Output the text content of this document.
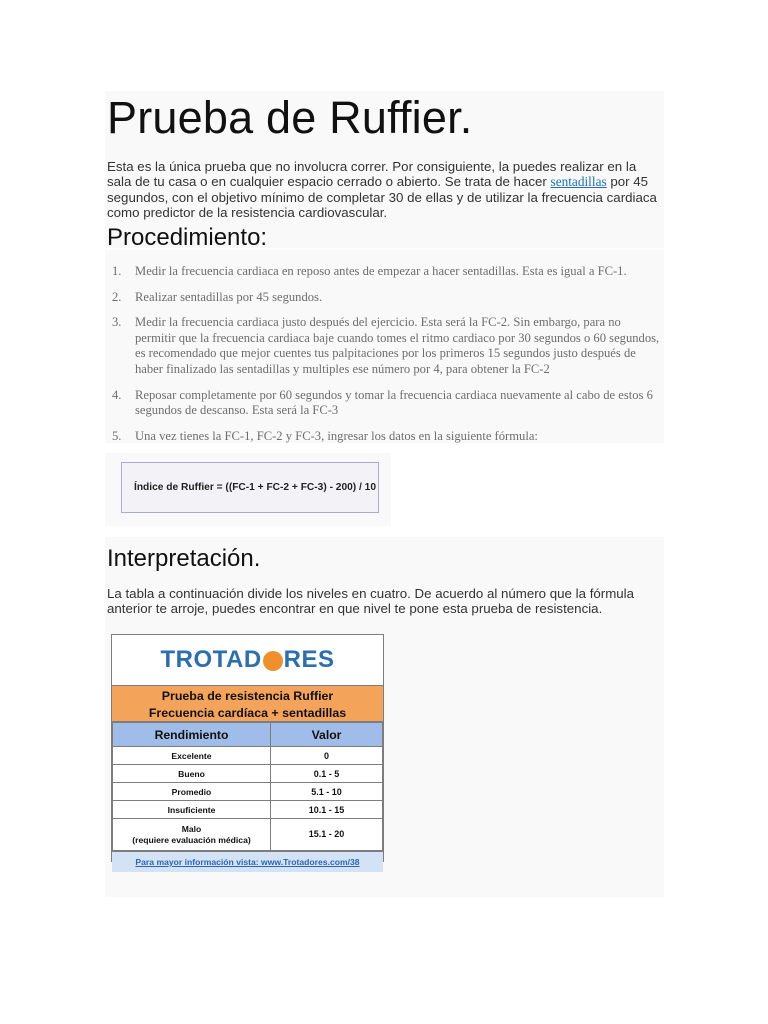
Prueba de Ruffier.

Esta es la única prueba que no involucra correr. Por consiguiente, la puedes realizar en la sala de tu casa o en cualquier espacio cerrado o abierto. Se trata de hacer sentadillas por 45 segundos, con el objetivo mínimo de completar 30 de ellas y de utilizar la frecuencia cardiaca como predictor de la resistencia cardiovascular.

Procedimiento:
1. Medir la frecuencia cardiaca en reposo antes de empezar a hacer sentadillas. Esta es igual a FC-1.
2. Realizar sentadillas por 45 segundos.
3. Medir la frecuencia cardiaca justo después del ejercicio. Esta será la FC-2. Sin embargo, para no permitir que la frecuencia cardiaca baje cuando tomes el ritmo cardiaco por 30 segundos o 60 segundos, es recomendado que mejor cuentes tus palpitaciones por los primeros 15 segundos justo después de haber finalizado las sentadillas y multiples ese número por 4, para obtener la FC-2
4. Reposar completamente por 60 segundos y tomar la frecuencia cardiaca nuevamente al cabo de estos 6 segundos de descanso. Esta será la FC-3
5. Una vez tienes la FC-1, FC-2 y FC-3, ingresar los datos en la siguiente fórmula:
Índice de Ruffier = ((FC-1 + FC-2 + FC-3) - 200) / 10
Interpretación.

La tabla a continuación divide los niveles en cuatro. De acuerdo al número que la fórmula anterior te arroje, puedes encontrar en que nivel te pone esta prueba de resistencia.

TROTAD RES
Prueba de resistencia Ruffier
Frecuencia cardíaca + sentadillas
Rendimiento	Valor
Excelente	0
Bueno	0.1 - 5
Promedio	5.1 - 10
Insuficiente	10.1 - 15

Malo
(requiere evaluación médica)	15.1 - 20
Para mayor información vista: www.Trotadores.com/38
